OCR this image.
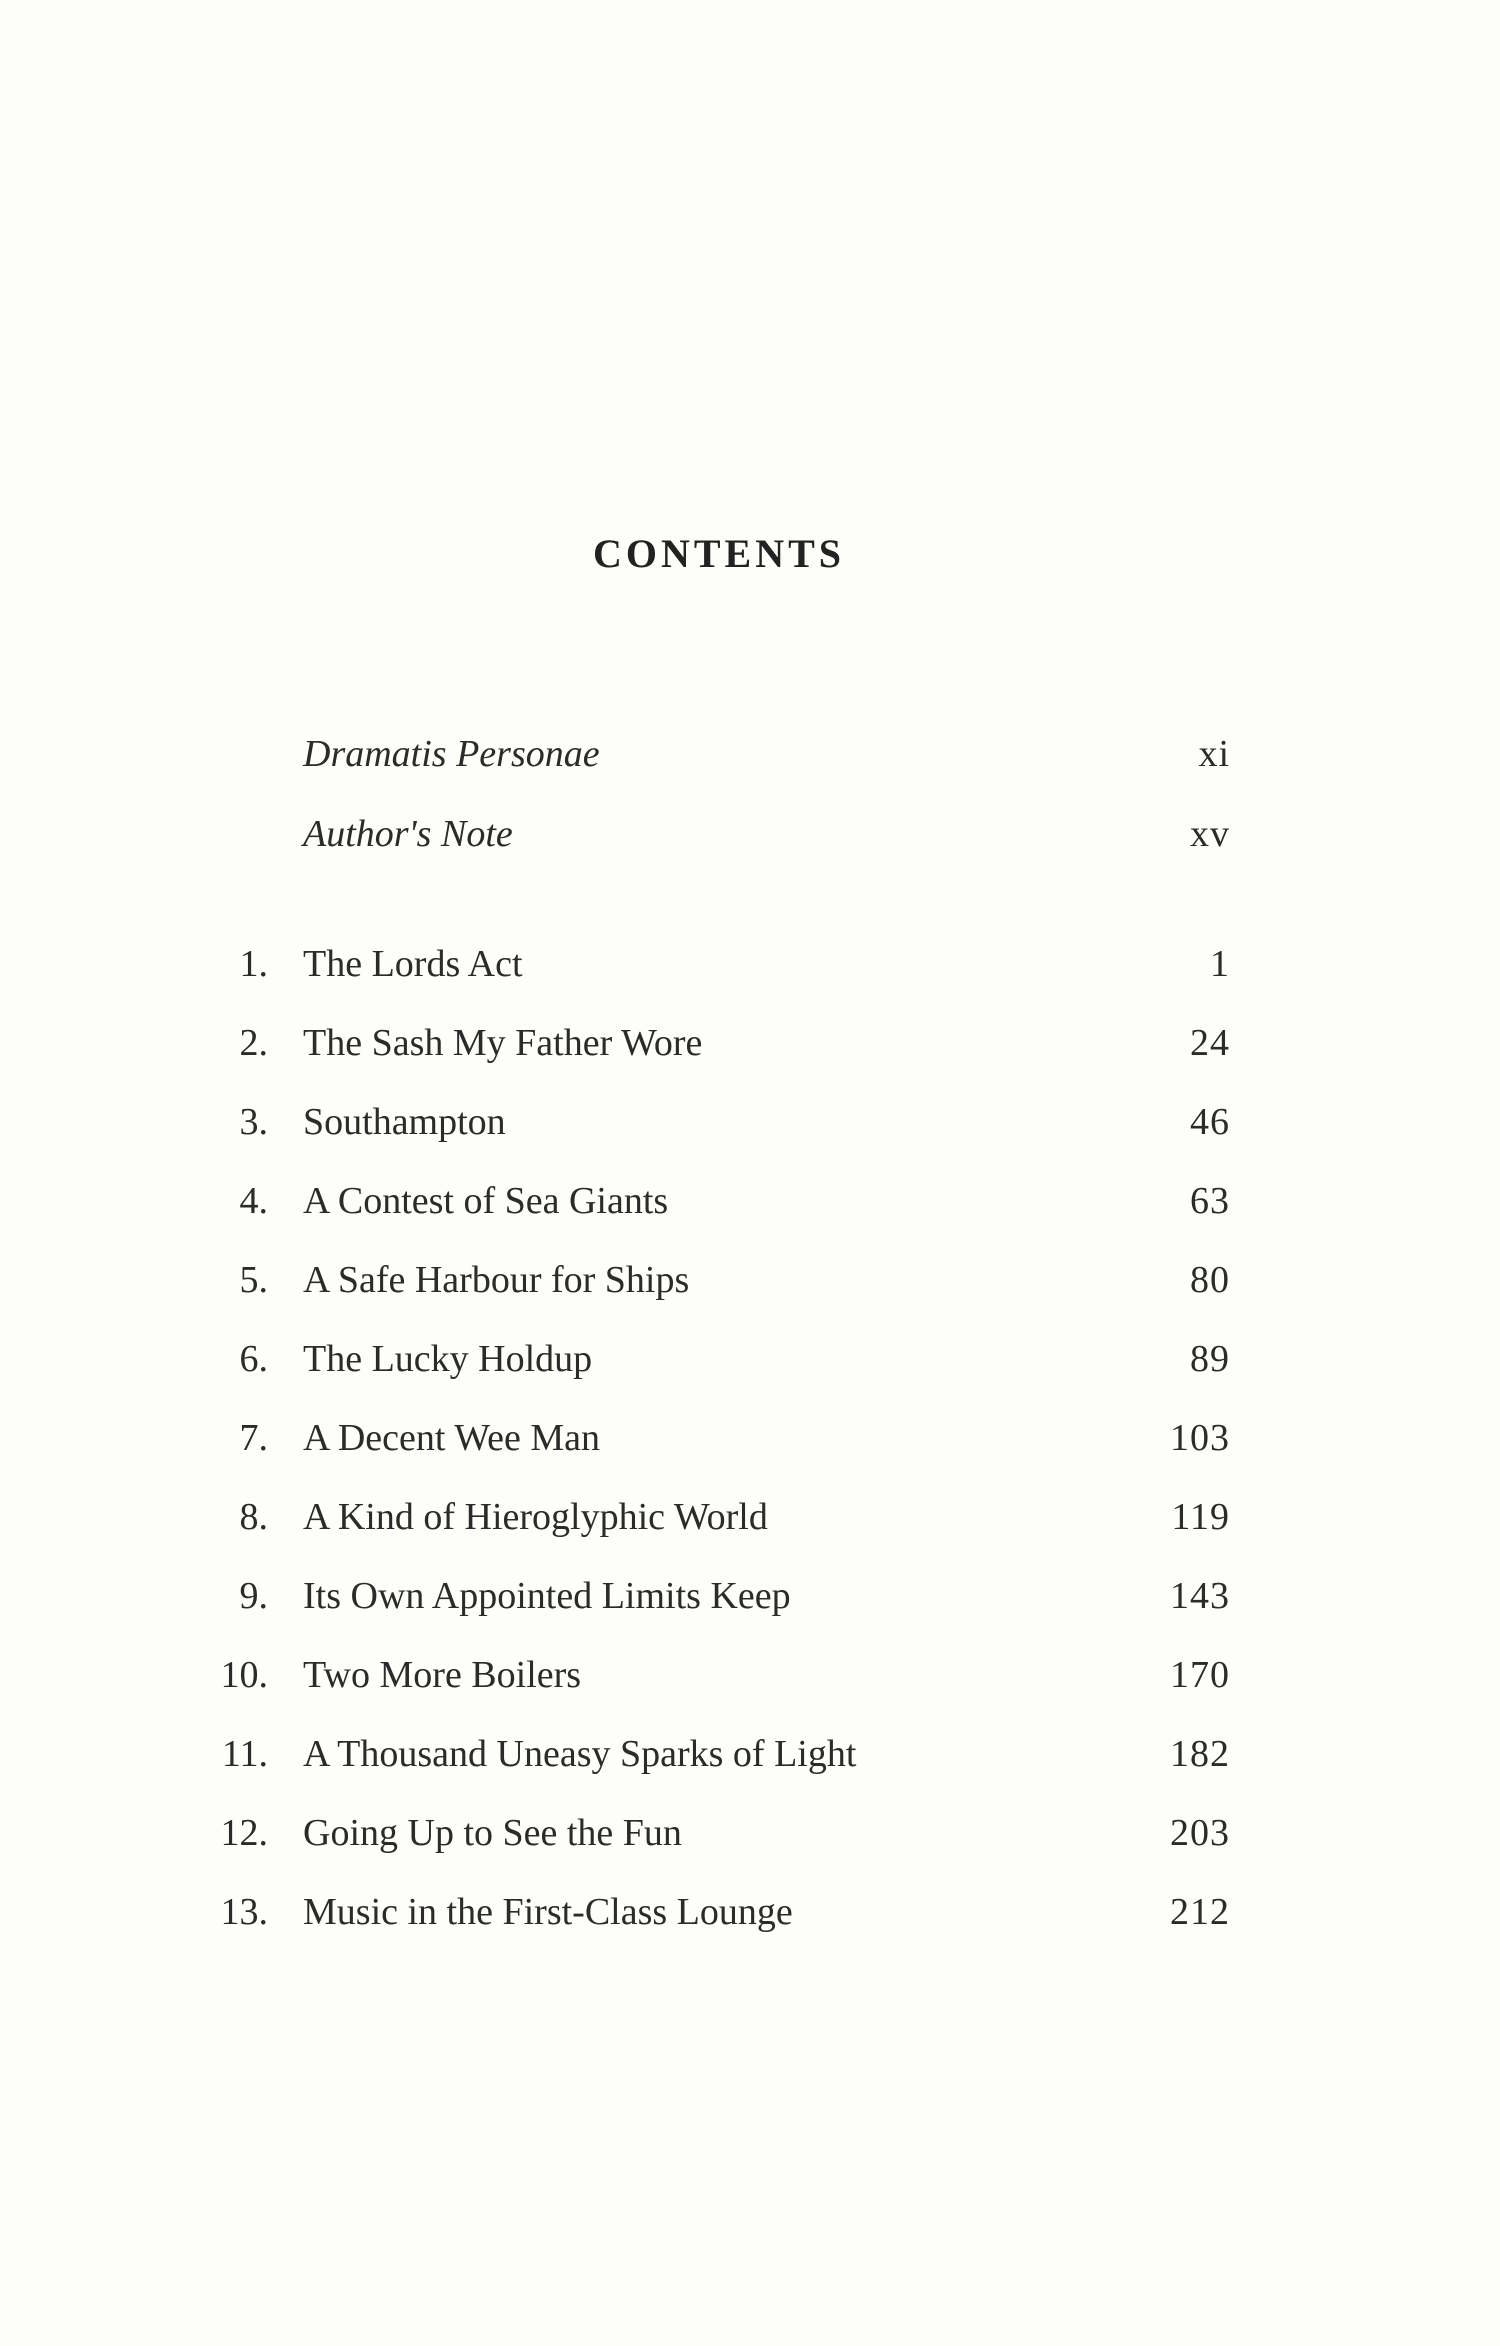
CONTENTS
Dramatis Personae	xi
Author's Note	xv
1. The Lords Act	1
2. The Sash My Father Wore	24
3. Southampton	46
4. A Contest of Sea Giants	63
5. A Safe Harbour for Ships	80
6. The Lucky Holdup	89
7. A Decent Wee Man	103
8. A Kind of Hieroglyphic World	119
9. Its Own Appointed Limits Keep	143
10. Two More Boilers	170
11. A Thousand Uneasy Sparks of Light	182
12. Going Up to See the Fun	203
13. Music in the First-Class Lounge	212
